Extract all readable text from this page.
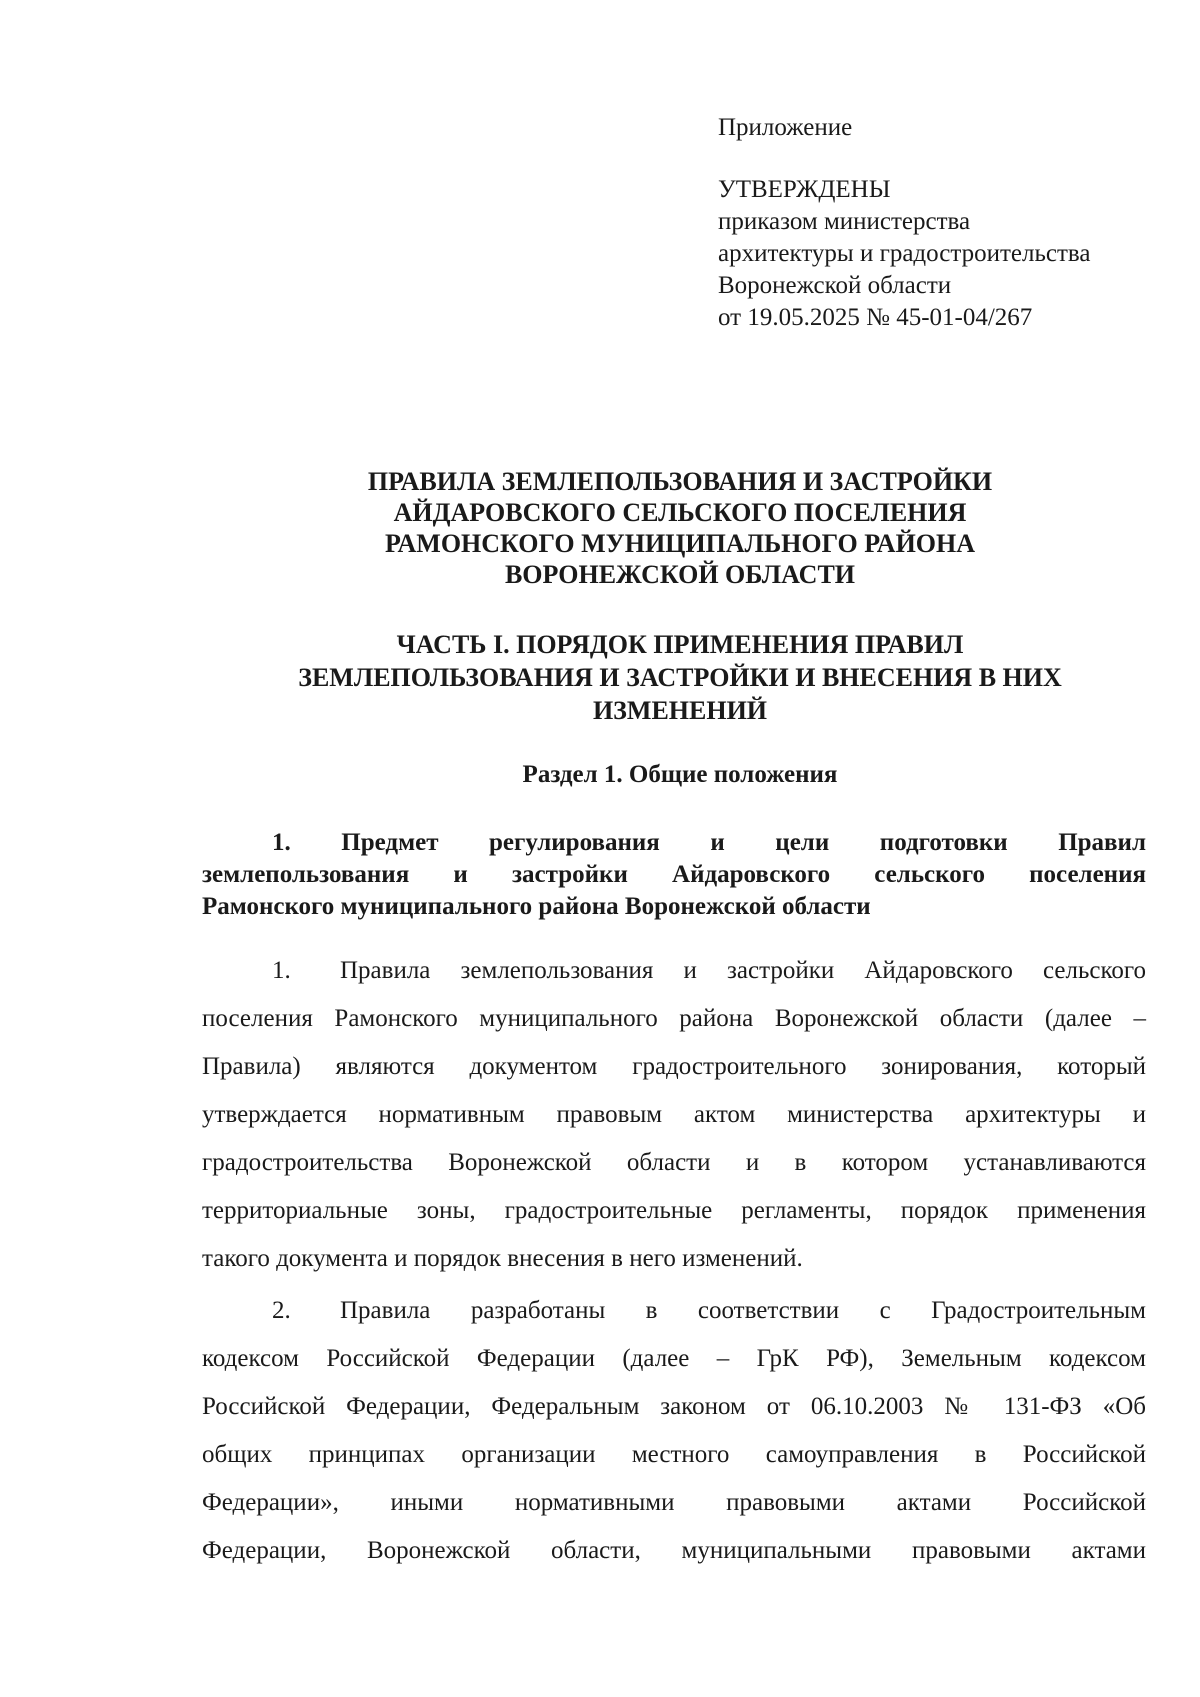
Приложение
УТВЕРЖДЕНЫ
приказом министерства
архитектуры и градостроительства
Воронежской области
от 19.05.2025 № 45-01-04/267
ПРАВИЛА ЗЕМЛЕПОЛЬЗОВАНИЯ И ЗАСТРОЙКИ
АЙДАРОВСКОГО СЕЛЬСКОГО ПОСЕЛЕНИЯ
РАМОНСКОГО МУНИЦИПАЛЬНОГО РАЙОНА
ВОРОНЕЖСКОЙ ОБЛАСТИ
ЧАСТЬ I. ПОРЯДОК ПРИМЕНЕНИЯ ПРАВИЛ
ЗЕМЛЕПОЛЬЗОВАНИЯ И ЗАСТРОЙКИ И ВНЕСЕНИЯ В НИХ
ИЗМЕНЕНИЙ
Раздел 1. Общие положения
1. Предмет регулирования и цели подготовки Правил
землепользования и застройки Айдаровского сельского поселения
Рамонского муниципального района Воронежской области
1. Правила землепользования и застройки Айдаровского сельского
поселения Рамонского муниципального района Воронежской области (далее –
Правила) являются документом градостроительного зонирования, который
утверждается нормативным правовым актом министерства архитектуры и
градостроительства Воронежской области и в котором устанавливаются
территориальные зоны, градостроительные регламенты, порядок применения
такого документа и порядок внесения в него изменений.
2. Правила разработаны в соответствии с Градостроительным
кодексом Российской Федерации (далее – ГрК РФ), Земельным кодексом
Российской Федерации, Федеральным законом от 06.10.2003 № 131-ФЗ «Об
общих принципах организации местного самоуправления в Российской
Федерации», иными нормативными правовыми актами Российской
Федерации, Воронежской области, муниципальными правовыми актами
